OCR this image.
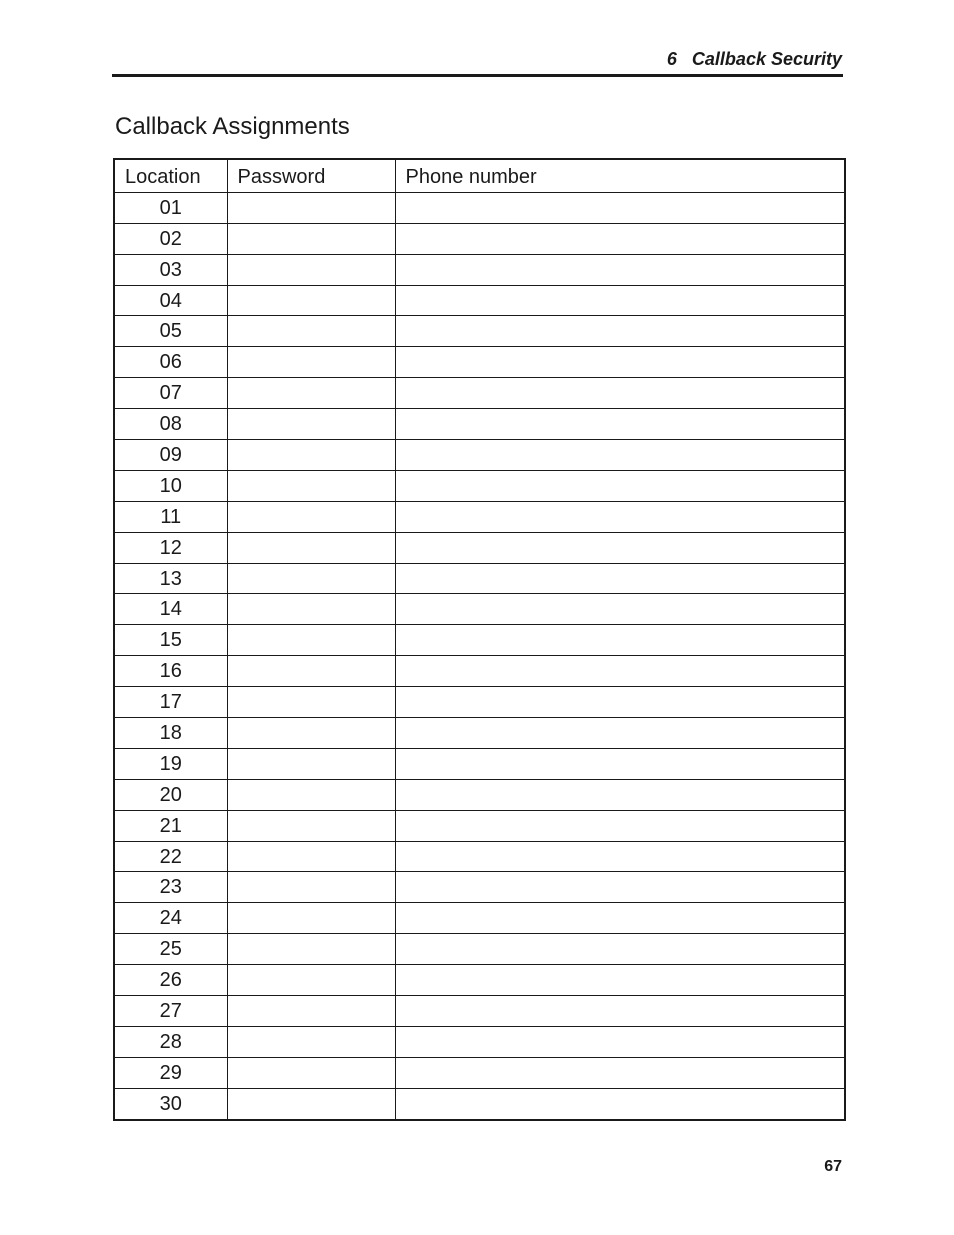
6   Callback Security
Callback Assignments
Location	Password	Phone number
01		
02		
03		
04		
05		
06		
07		
08		
09		
10		
11		
12		
13		
14		
15		
16		
17		
18		
19		
20		
21		
22		
23		
24		
25		
26		
27		
28		
29		
30		
67
